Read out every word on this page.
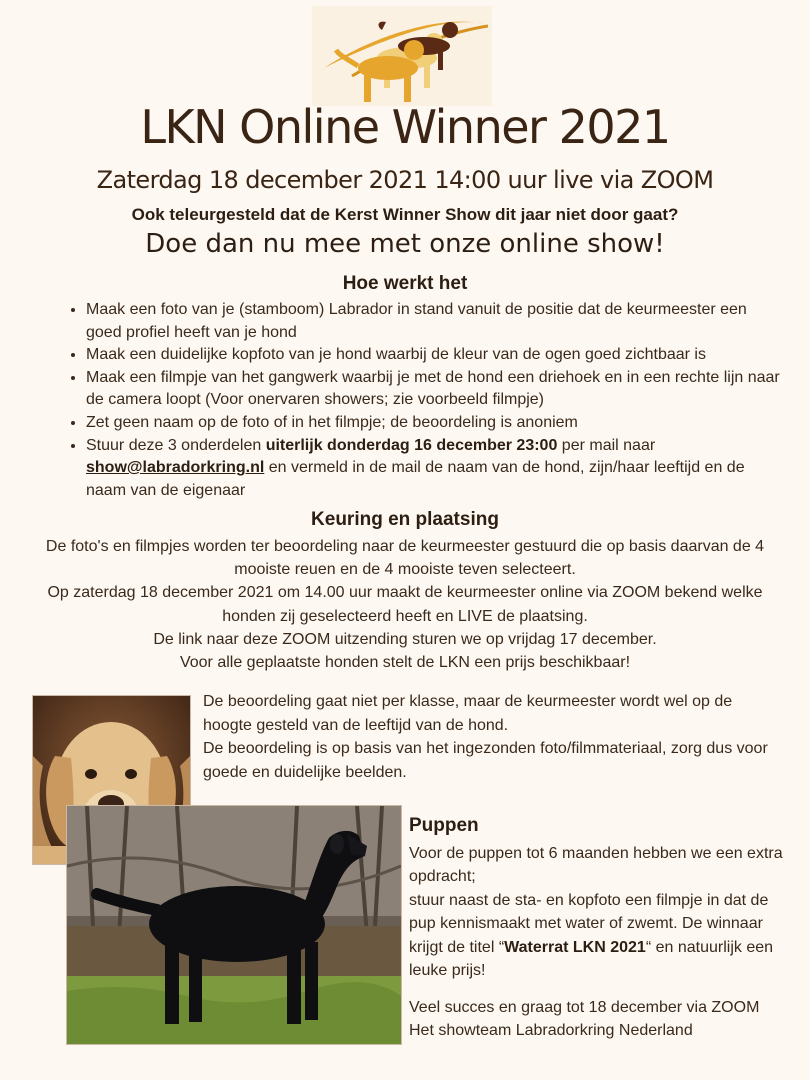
LKN Online Winner 2021
Zaterdag 18 december 2021 14:00 uur live via ZOOM
Ook teleurgesteld dat de Kerst Winner Show dit jaar niet door gaat?
Doe dan nu mee met onze online show!
Hoe werkt het
• Maak een foto van je (stamboom) Labrador in stand vanuit de positie dat de keurmeester een goed profiel heeft van je hond
• Maak een duidelijke kopfoto van je hond waarbij de kleur van de ogen goed zichtbaar is
• Maak een filmpje van het gangwerk waarbij je met de hond een driehoek en in een rechte lijn naar de camera loopt (Voor onervaren showers; zie voorbeeld filmpje)
• Zet geen naam op de foto of in het filmpje; de beoordeling is anoniem
• Stuur deze 3 onderdelen uiterlijk donderdag 16 december 23:00 per mail naar show@labradorkring.nl en vermeld in de mail de naam van de hond, zijn/haar leeftijd en de naam van de eigenaar
Keuring en plaatsing

De foto's en filmpjes worden ter beoordeling naar de keurmeester gestuurd die op basis daarvan de 4 mooiste reuen en de 4 mooiste teven selecteert.

Op zaterdag 18 december 2021 om 14.00 uur maakt de keurmeester online via ZOOM bekend welke honden zij geselecteerd heeft en LIVE de plaatsing.

De link naar deze ZOOM uitzending sturen we op vrijdag 17 december.

Voor alle geplaatste honden stelt de LKN een prijs beschikbaar!

De beoordeling gaat niet per klasse, maar de keurmeester wordt wel op de hoogte gesteld van de leeftijd van de hond.

De beoordeling is op basis van het ingezonden foto/filmmateriaal, zorg dus voor goede en duidelijke beelden.

Puppen

Voor de puppen tot 6 maanden hebben we een extra opdracht;

stuur naast de sta- en kopfoto een filmpje in dat de pup kennismaakt met water of zwemt. De winnaar krijgt de titel “Waterrat LKN 2021“ en natuurlijk een leuke prijs!

Veel succes en graag tot 18 december via ZOOM

Het showteam Labradorkring Nederland
